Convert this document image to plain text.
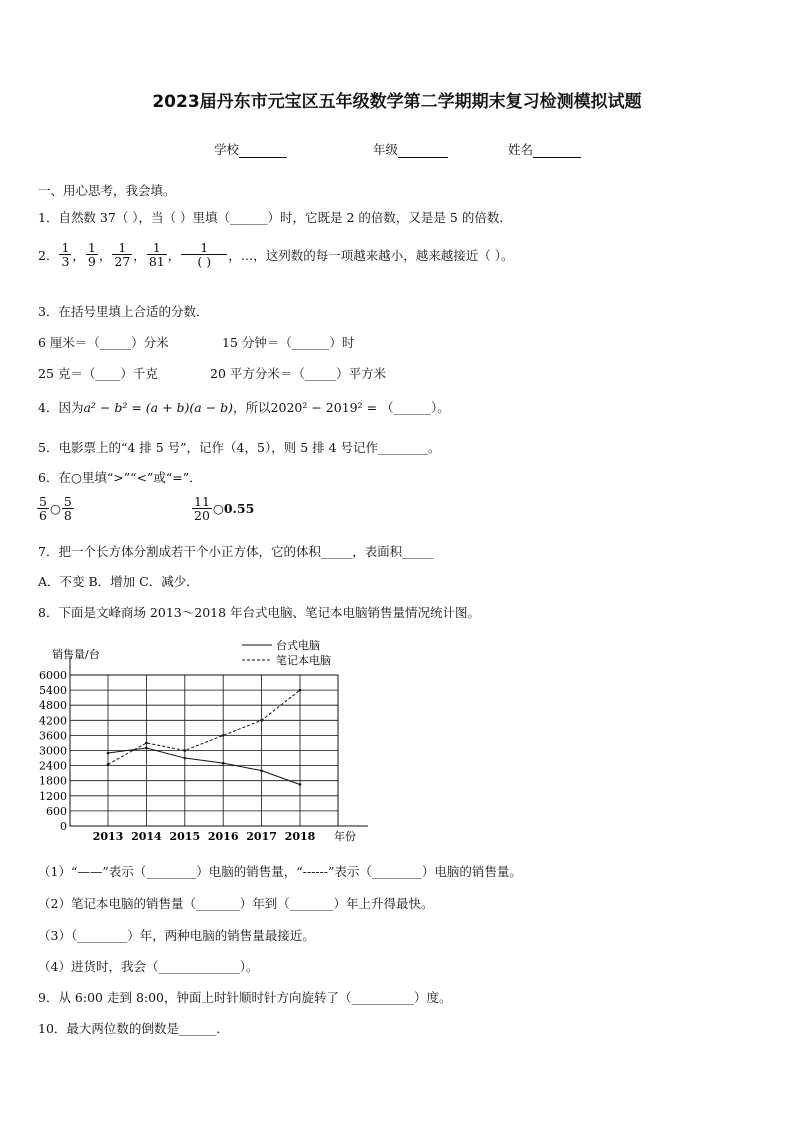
2023届丹东市元宝区五年级数学第二学期期末复习检测模拟试题
学校	年级	姓名
一、用心思考，我会填。
1．自然数 37（ ），当（ ）里填（______）时，它既是 2 的倍数，又是是 5 的倍数．
2． $\frac{1}{3}$ ， $\frac{1}{9}$ ， $\frac{1}{27}$ ， $\frac{1}{81}$ ， $\frac{1}{( )}$ ，…，这列数的每一项越来越小，越来越接近（ ）。
3．在括号里填上合适的分数．
6 厘米＝（_____）分米	15 分钟＝（______）时
25 克＝（____）千克	20 平方分米＝（_____）平方米
4．因为a² − b² = (a + b)(a − b)，所以2020² − 2019² = （______）。
5．电影票上的“4 排 5 号”，记作（4，5），则 5 排 4 号记作________。
6．在○里填“>”“<”或“=”．
$\frac{5}{6}$ ○ $\frac{5}{8}$	$\frac{11}{20}$ ○ 0.55
7．把一个长方体分割成若干个小正方体，它的体积_____，表面积_____
A．不变 B．增加 C．减少．
8．下面是文峰商场 2013～2018 年台式电脑、笔记本电脑销售量情况统计图。
0
600
1200
1800
2400
3000
3600
4200
4800
5400
6000
2013 2014 2015 2016 2017 2018
销售量/台
年份
台式电脑
笔记本电脑
（1）“——”表示（________）电脑的销售量，“------”表示（________）电脑的销售量。
（2）笔记本电脑的销售量（_______）年到（_______）年上升得最快。
（3）（________）年，两种电脑的销售量最接近。
（4）进货时，我会（_____________）。
9．从 6:00 走到 8:00，钟面上时针顺时针方向旋转了（__________）度。
10．最大两位数的倒数是______．
